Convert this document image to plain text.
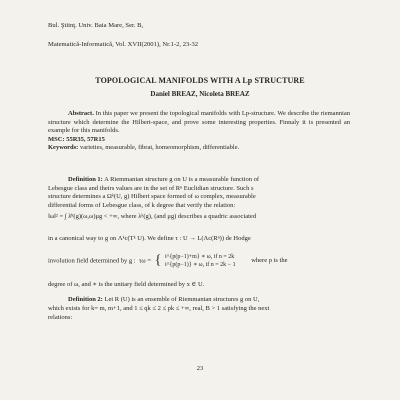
Bul. Ştiinţ. Univ. Baia Mare, Ser. B,
Matematică-Informatică, Vol. XVII(2001), Nr.1-2, 23-32
TOPOLOGICAL MANIFOLDS WITH A Lp STRUCTURE
Daniel BREAZ, Nicoleta BREAZ
Abstract. In this paper we present the topological manifolds with Lp-structure. We describe the riemannian structure which determine the Hilbert-space, and prove some interesting properties. Finnaly it is presented an example for this manifolds.
MSC: 55R35, 57R15
Keywords: varieties, measurable, fibrat, homeomorphism, differentiable.
Definition 1: A Riemmanian structure g on U is a measurable function of
Lebesgue class and theirs values are in the set of Rⁿ Euclidian structure. Such s
structure determines a Ωᵏ(U, g) Hilbert space formed of ω complex, measurable
differential forms of Lebesgue class, of k degree that verify the relation:
‖ω‖² = ∫ λ̄ᵏ(g)(ω,ω)μg < +∞, where λᵏ(g), (and μg) describes a quadric associated
in a canonical way to g on Λᵏc(Tᵏ U). We define τ : U → L(Λc(Rⁿ)) de Hodge
involution field determined by g :  τω = { i^{p(p−1)+m} ∗ ω, if n = 2k
i^{p(p−1)} ∗ ω, if n = 2k − 1
where p is the
degree of ω, and ∗ is the unitary field determined by x ∈ U.
Definition 2: Let R (U) is an ensemble of Riemmanian structures g on U,
which exists for k= m, m+1, and 1 ≤ qk ≤ 2 ≤ pk ≤ +∞, real, B > 1 satisfying the next
relations:
23
